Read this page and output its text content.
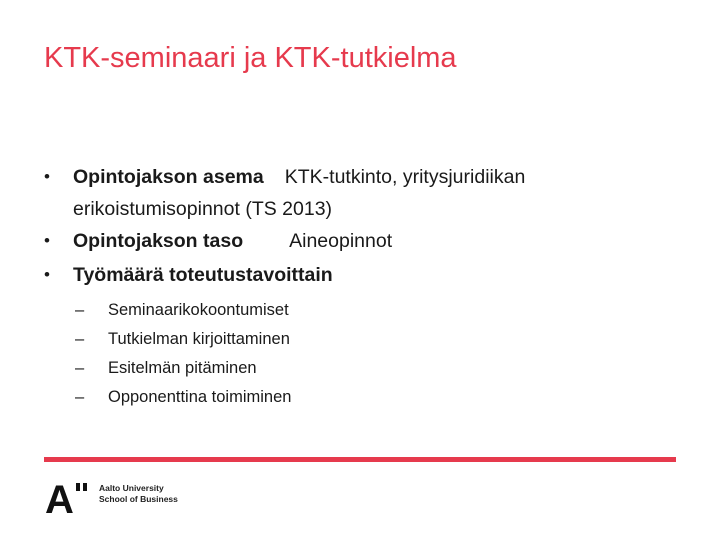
KTK-seminaari ja KTK-tutkielma
• Opintojakson asema KTK-tutkinto, yritysjuridiikan
erikoistumisopinnot (TS 2013)
• Opintojakson taso Aineopinnot
• Työmäärä toteutustavoittain
– Seminaarikokoontumiset
– Tutkielman kirjoittaminen
– Esitelmän pitäminen
– Opponenttina toimiminen
A	Aalto University
School of Business
